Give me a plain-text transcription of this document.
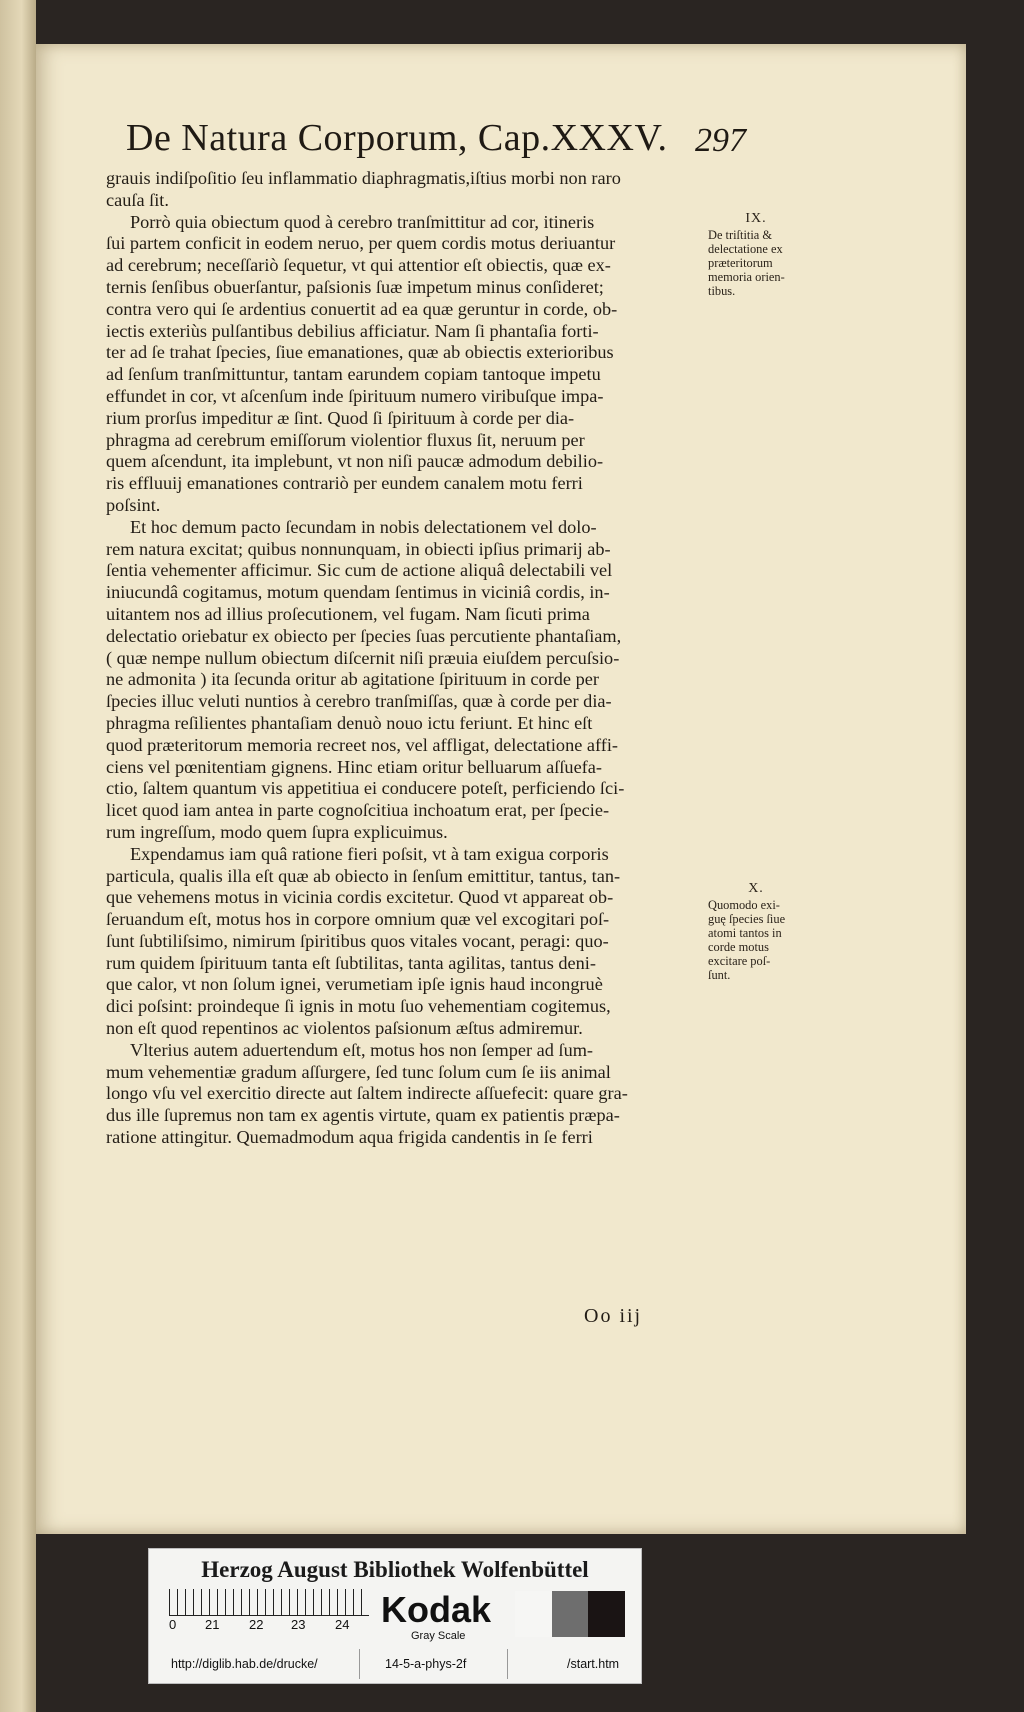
De Natura Corporum, Cap.XXXV. 297
grauis indiſpoſitio ſeu inflammatio diaphragmatis,iſtius morbi non raro
cauſa ſit.
Porrò quia obiectum quod à cerebro tranſmittitur ad cor, itineris
ſui partem conficit in eodem neruo, per quem cordis motus deriuantur
ad cerebrum; neceſſariò ſequetur, vt qui attentior eſt obiectis, quæ ex-
ternis ſenſibus obuerſantur, paſsionis ſuæ impetum minus conſideret;
contra vero qui ſe ardentius conuertit ad ea quæ geruntur in corde, ob-
iectis exteriùs pulſantibus debilius afficiatur. Nam ſi phantaſia forti-
ter ad ſe trahat ſpecies, ſiue emanationes, quæ ab obiectis exterioribus
ad ſenſum tranſmittuntur, tantam earundem copiam tantoque impetu
effundet in cor, vt aſcenſum inde ſpirituum numero viribuſque impa-
rium prorſus impeditur æ ſint. Quod ſi ſpirituum à corde per dia-
phragma ad cerebrum emiſſorum violentior fluxus ſit, neruum per
quem aſcendunt, ita implebunt, vt non niſi paucæ admodum debilio-
ris effluuij emanationes contrariò per eundem canalem motu ferri
poſsint.
Et hoc demum pacto ſecundam in nobis delectationem vel dolo-
rem natura excitat; quibus nonnunquam, in obiecti ipſius primarij ab-
ſentia vehementer afficimur. Sic cum de actione aliquâ delectabili vel
iniucundâ cogitamus, motum quendam ſentimus in viciniâ cordis, in-
uitantem nos ad illius proſecutionem, vel fugam. Nam ſicuti prima
delectatio oriebatur ex obiecto per ſpecies ſuas percutiente phantaſiam,
( quæ nempe nullum obiectum diſcernit niſi præuia eiuſdem percuſsio-
ne admonita ) ita ſecunda oritur ab agitatione ſpirituum in corde per
ſpecies illuc veluti nuntios à cerebro tranſmiſſas, quæ à corde per dia-
phragma reſilientes phantaſiam denuò nouo ictu feriunt. Et hinc eſt
quod præteritorum memoria recreet nos, vel affligat, delectatione affi-
ciens vel pœnitentiam gignens. Hinc etiam oritur belluarum aſſuefa-
ctio, ſaltem quantum vis appetitiua ei conducere poteſt, perficiendo ſci-
licet quod iam antea in parte cognoſcitiua inchoatum erat, per ſpecie-
rum ingreſſum, modo quem ſupra explicuimus.
Expendamus iam quâ ratione fieri poſsit, vt à tam exigua corporis
particula, qualis illa eſt quæ ab obiecto in ſenſum emittitur, tantus, tan-
que vehemens motus in vicinia cordis excitetur. Quod vt appareat ob-
ſeruandum eſt, motus hos in corpore omnium quæ vel excogitari poſ-
ſunt ſubtiliſsimo, nimirum ſpiritibus quos vitales vocant, peragi: quo-
rum quidem ſpirituum tanta eſt ſubtilitas, tanta agilitas, tantus deni-
que calor, vt non ſolum ignei, verumetiam ipſe ignis haud incongruè
dici poſsint: proindeque ſi ignis in motu ſuo vehementiam cogitemus,
non eſt quod repentinos ac violentos paſsionum æſtus admiremur.
Vlterius autem aduertendum eſt, motus hos non ſemper ad ſum-
mum vehementiæ gradum aſſurgere, ſed tunc ſolum cum ſe iis animal
longo vſu vel exercitio directe aut ſaltem indirecte aſſuefecit: quare gra-
dus ille ſupremus non tam ex agentis virtute, quam ex patientis præpa-
ratione attingitur. Quemadmodum aqua frigida candentis in ſe ferri
IX.
De triſtitia &
delectatione ex
præteritorum
memoria orien-
tibus.
X.
Quomodo exi-
guę ſpecies ſiue
atomi tantos in
corde motus
excitare poſ-
ſunt.
Oo iij
Herzog August Bibliothek Wolfenbüttel
0 21 22 23 24 Kodak
Gray Scale
http://diglib.hab.de/drucke/	14-5-a-phys-2f	/start.htm
